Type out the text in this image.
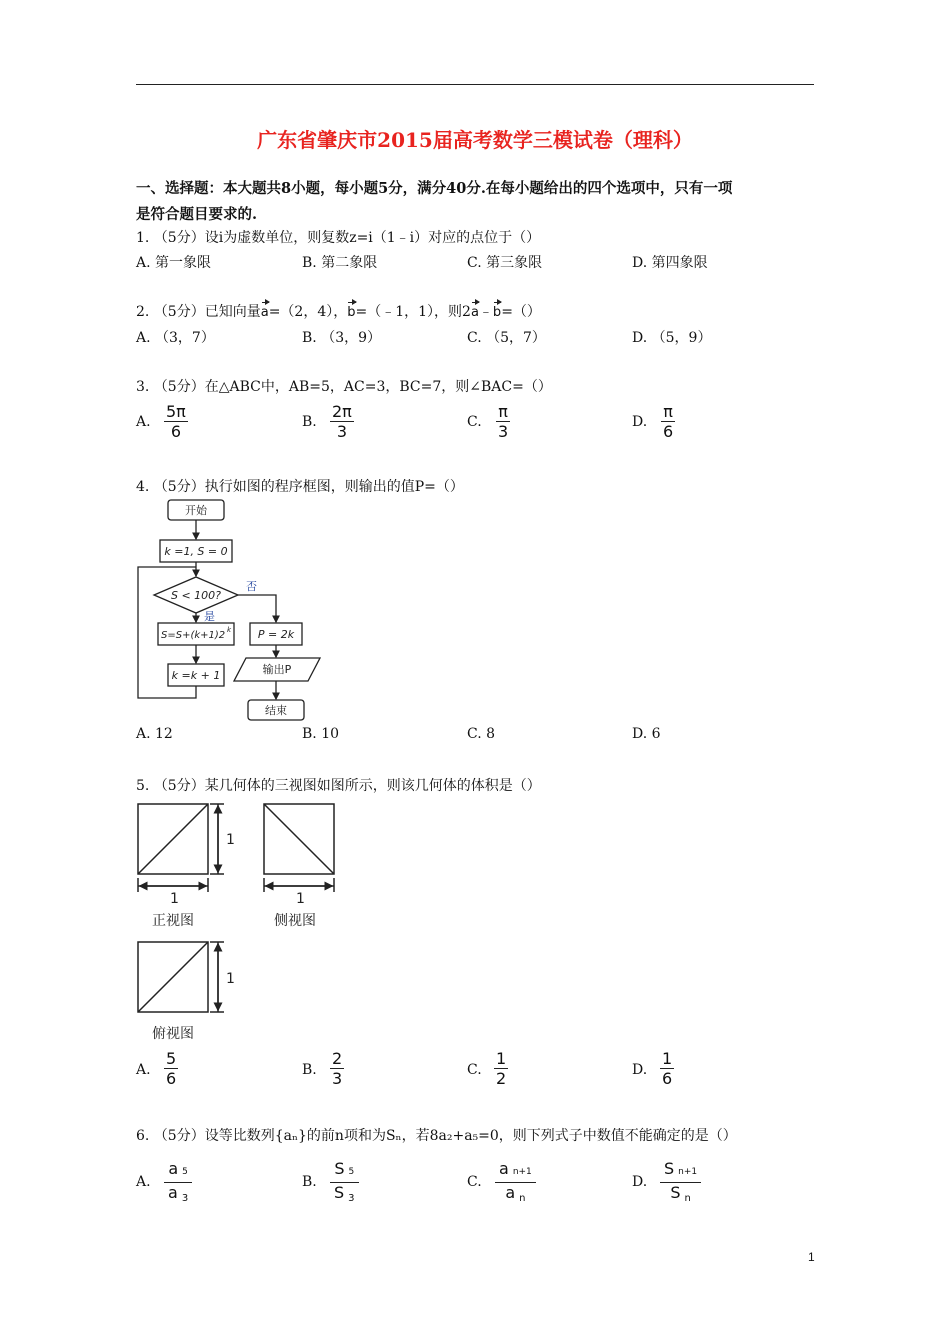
广东省肇庆市2015届高考数学三模试卷（理科）
一、选择题：本大题共8小题，每小题5分，满分40分.在每小题给出的四个选项中，只有一项
是符合题目要求的.
1. （5分）设i为虚数单位，则复数z=i（1﹣i）对应的点位于（）
A. 第一象限	B. 第二象限	C. 第三象限	D. 第四象限
2. （5分）已知向量a=（2，4），b=（﹣1，1），则2a﹣b=（）
A. （3，7）	B. （3，9）	C. （5，7）	D. （5，9）
3. （5分）在△ABC中，AB=5，AC=3，BC=7，则∠BAC=（）
A.
5π
6	B.
2π
3	C.
π
3	D.
π
6
4. （5分）执行如图的程序框图，则输出的值P=（）
开始
k =1, S = 0
S < 100?
否
是
S=S+(k+1)2 k P = 2k
输出P
k =k + 1
结束
A. 12	B. 10	C. 8	D. 6
5. （5分）某几何体的三视图如图所示，则该几何体的体积是（）
1
1	1
1
正视图	侧视图
俯视图
A.
5
6	B.
2
3	C.
1
2	D.
1
6
6. （5分）设等比数列{aₙ}的前n项和为Sₙ，若8a₂+a₅=0，则下列式子中数值不能确定的是（）
A.
a 5
a $_3$
B.
S 5
S $_3$
C.
an+1
a $_n$
D.
Sn+1
S $_n$
1
